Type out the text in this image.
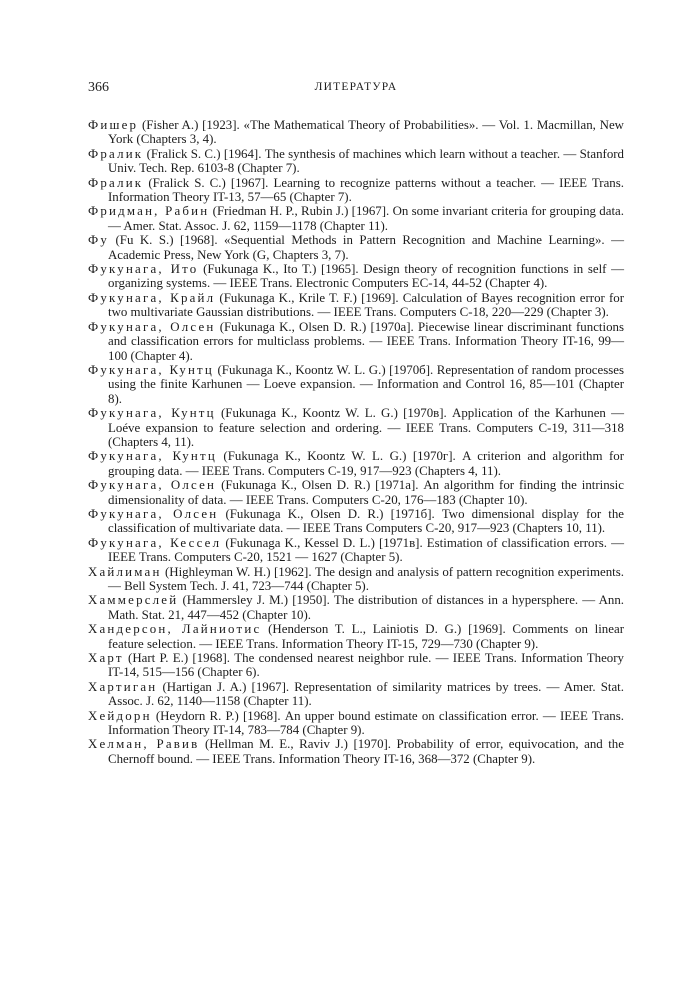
366	ЛИТЕРАТУРА

Фишер (Fisher A.) [1923]. «The Mathematical Theory of Probabilities». — Vol. 1. Macmillan, New York (Chapters 3, 4).

Фралик (Fralick S. C.) [1964]. The synthesis of machines which learn without a teacher. — Stanford Univ. Tech. Rep. 6103-8 (Chapter 7).

Фралик (Fralick S. C.) [1967]. Learning to recognize patterns without a teacher. — IEEE Trans. Information Theory IT-13, 57—65 (Chapter 7).

Фридман, Рабин (Friedman H. P., Rubin J.) [1967]. On some invariant criteria for grouping data. — Amer. Stat. Assoc. J. 62, 1159—1178 (Chapter 11).

Фу (Fu K. S.) [1968]. «Sequential Methods in Pattern Recognition and Machine Learning». — Academic Press, New York (G, Chapters 3, 7).

Фукунага, Ито (Fukunaga K., Ito T.) [1965]. Design theory of recognition functions in self — organizing systems. — IEEE Trans. Electronic Computers EC-14, 44-52 (Chapter 4).

Фукунага, Крайл (Fukunaga K., Krile T. F.) [1969]. Calculation of Bayes recognition error for two multivariate Gaussian distributions. — IEEE Trans. Computers C-18, 220—229 (Chapter 3).

Фукунага, Олсен (Fukunaga K., Olsen D. R.) [1970а]. Piecewise linear discriminant functions and classification errors for multiclass problems. — IEEE Trans. Information Theory IT-16, 99—100 (Chapter 4).

Фукунага, Кунтц (Fukunaga K., Koontz W. L. G.) [1970б]. Representation of random processes using the finite Karhunen — Loeve expansion. — Information and Control 16, 85—101 (Chapter 8).

Фукунага, Кунтц (Fukunaga K., Koontz W. L. G.) [1970в]. Application of the Karhunen — Loéve expansion to feature selection and ordering. — IEEE Trans. Computers C-19, 311—318 (Chapters 4, 11).

Фукунага, Кунтц (Fukunaga K., Koontz W. L. G.) [1970г]. A criterion and algorithm for grouping data. — IEEE Trans. Computers C-19, 917—923 (Chapters 4, 11).

Фукунага, Олсен (Fukunaga K., Olsen D. R.) [1971а]. An algorithm for finding the intrinsic dimensionality of data. — IEEE Trans. Computers C-20, 176—183 (Chapter 10).

Фукунага, Олсен (Fukunaga K., Olsen D. R.) [1971б]. Two dimensional display for the classification of multivariate data. — IEEE Trans Computers C-20, 917—923 (Chapters 10, 11).

Фукунага, Кессел (Fukunaga K., Kessel D. L.) [1971в]. Estimation of classification errors. — IEEE Trans. Computers C-20, 1521 — 1627 (Chapter 5).

Хайлиман (Highleyman W. H.) [1962]. The design and analysis of pattern recognition experiments. — Bell System Tech. J. 41, 723—744 (Chapter 5).

Хаммерслей (Hammersley J. M.) [1950]. The distribution of distances in a hypersphere. — Ann. Math. Stat. 21, 447—452 (Chapter 10).

Хандерсон, Лайниотис (Henderson T. L., Lainiotis D. G.) [1969]. Comments on linear feature selection. — IEEE Trans. Information Theory IT-15, 729—730 (Chapter 9).

Харт (Hart P. E.) [1968]. The condensed nearest neighbor rule. — IEEE Trans. Information Theory IT-14, 515—156 (Chapter 6).

Хартиган (Hartigan J. A.) [1967]. Representation of similarity matrices by trees. — Amer. Stat. Assoc. J. 62, 1140—1158 (Chapter 11).

Хейдорн (Heydorn R. P.) [1968]. An upper bound estimate on classification error. — IEEE Trans. Information Theory IT-14, 783—784 (Chapter 9).

Хелман, Равив (Hellman M. E., Raviv J.) [1970]. Probability of error, equivocation, and the Chernoff bound. — IEEE Trans. Information Theory IT-16, 368—372 (Chapter 9).
